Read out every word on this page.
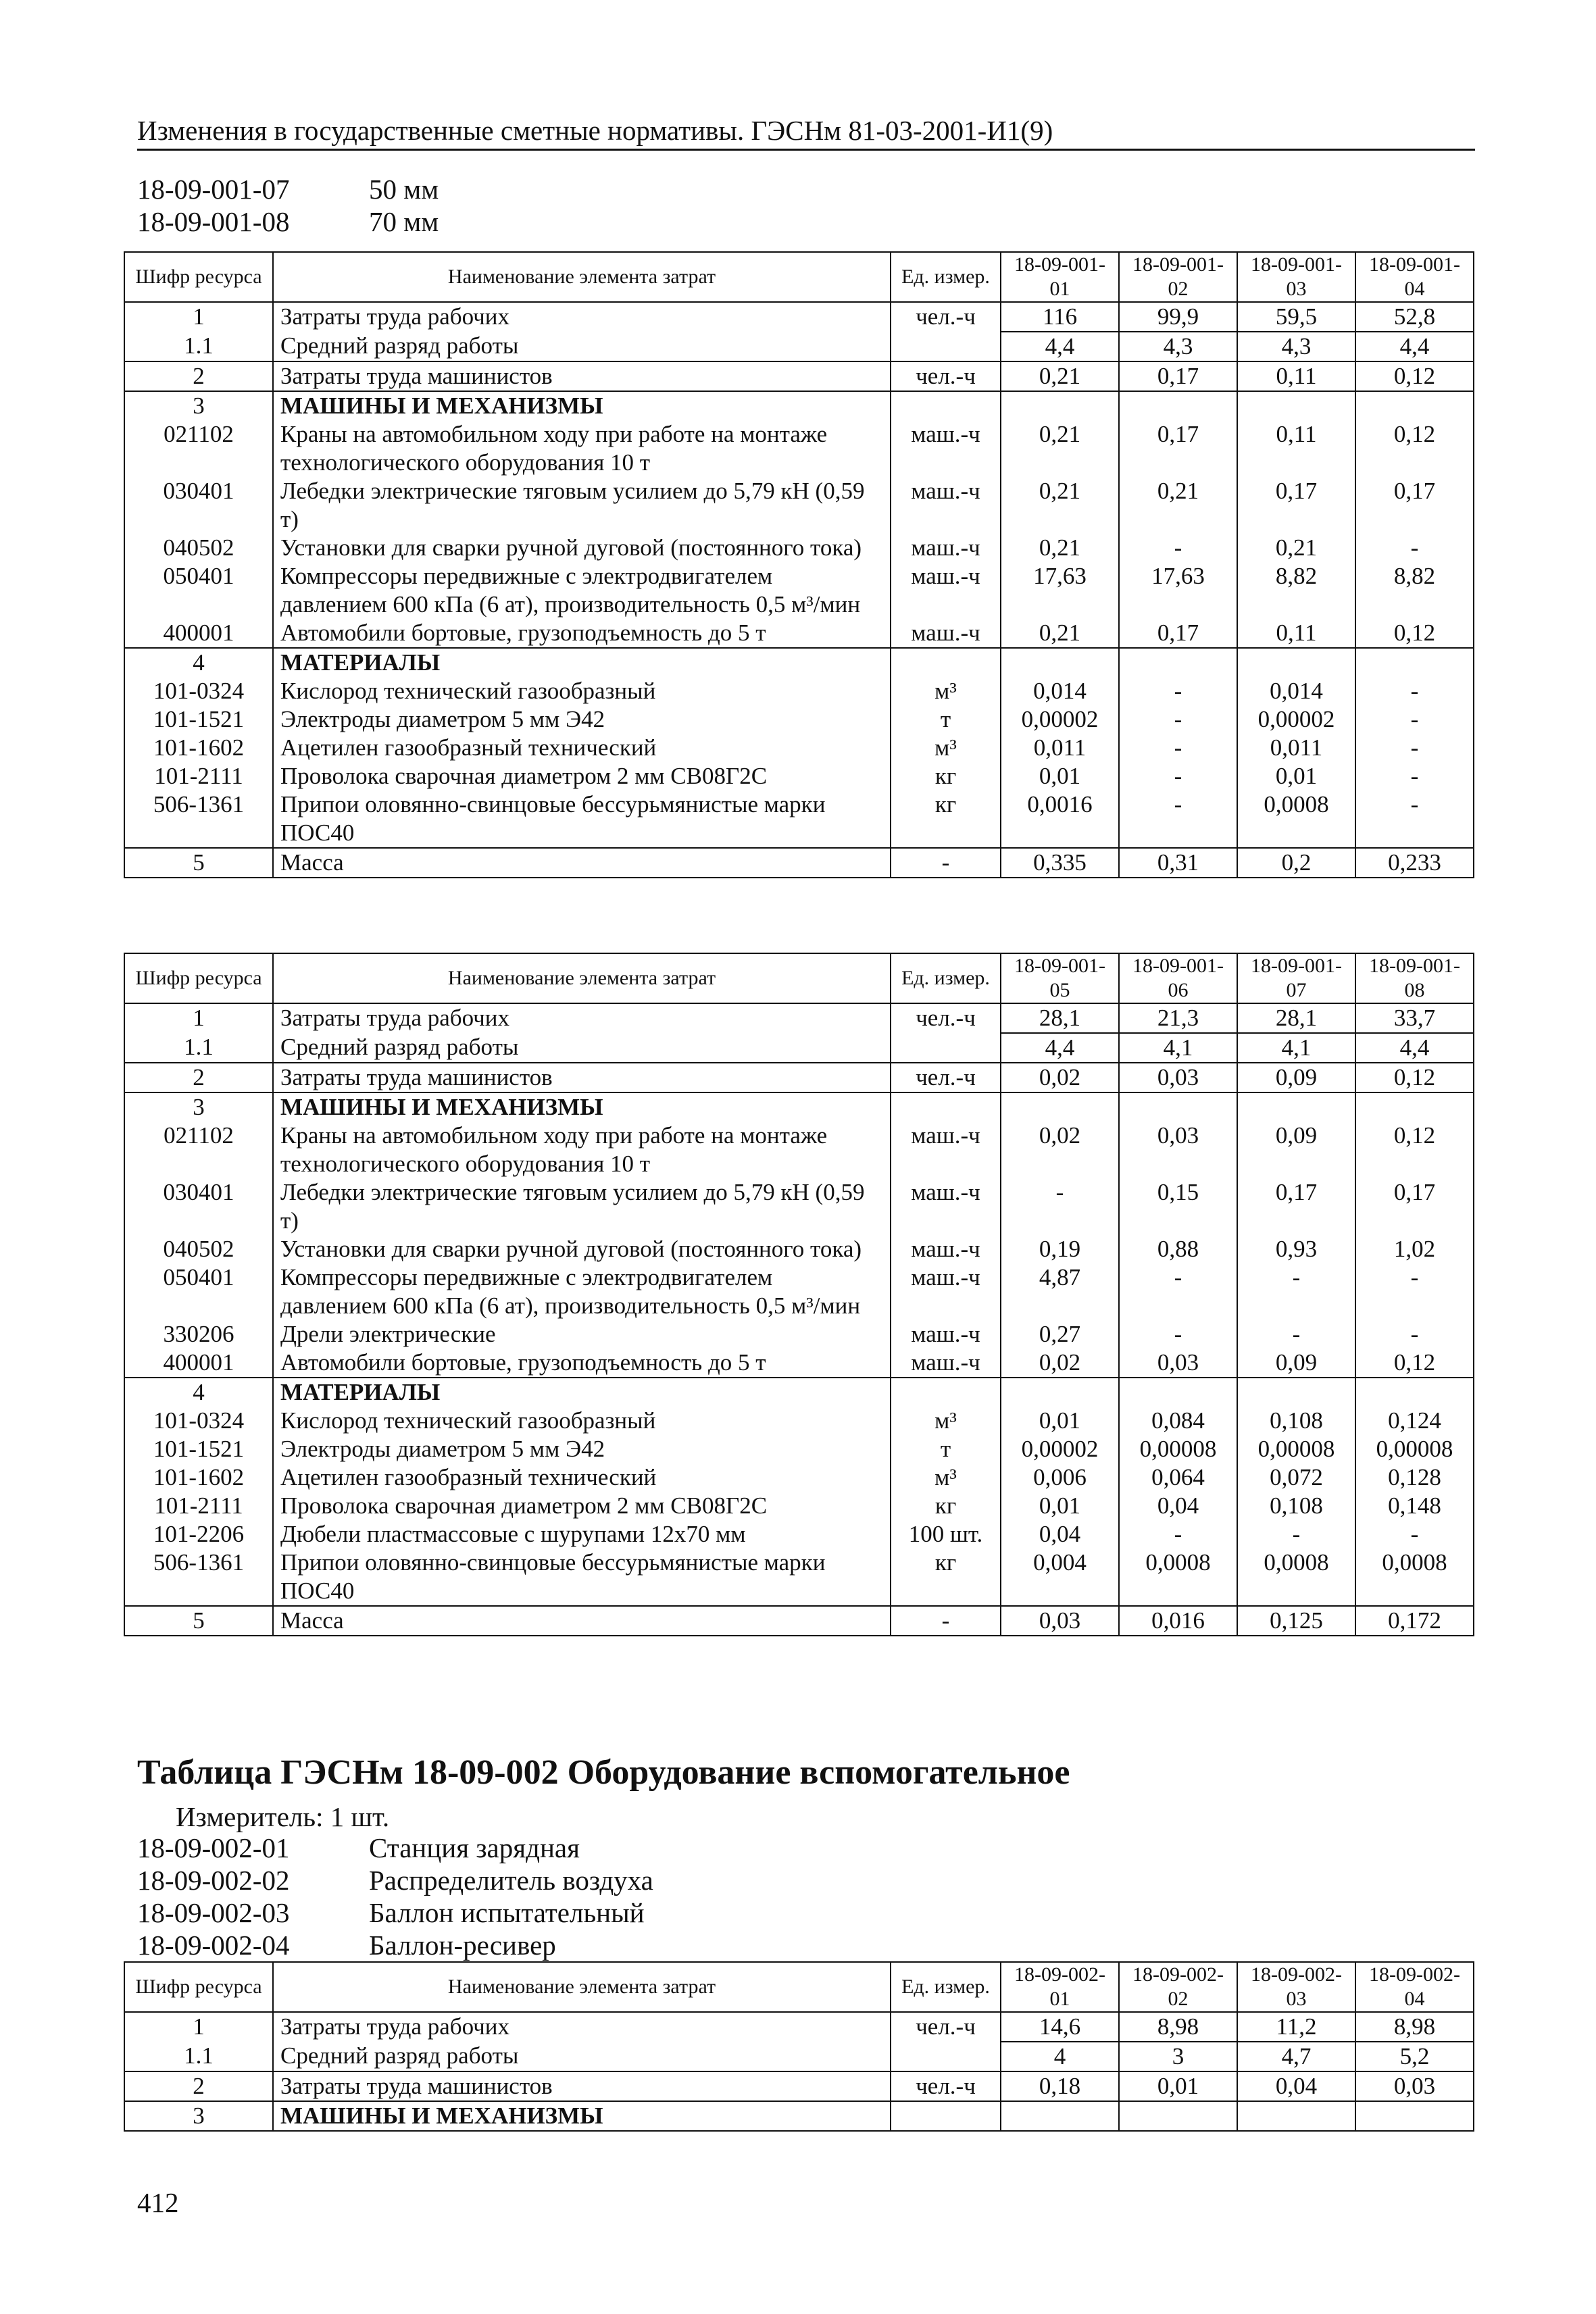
Изменения в государственные сметные нормативы. ГЭСНм 81-03-2001-И1(9)
18-09-001-07	50 мм
18-09-001-08	70 мм
Шифр ресурса	Наименование элемента затрат	Ед. измер.	18-09-001-01	18-09-001-02	18-09-001-03	18-09-001-04
1	Затраты труда рабочих	чел.-ч	116	99,9	59,5	52,8
1.1	Средний разряд работы		4,4	4,3	4,3	4,4
2	Затраты труда машинистов	чел.-ч	0,21	0,17	0,11	0,12
3	МАШИНЫ И МЕХАНИЗМЫ					
021102	Краны на автомобильном ходу при работе на монтаже технологического оборудования 10 т	маш.-ч	0,21	0,17	0,11	0,12
030401	Лебедки электрические тяговым усилием до 5,79 кН (0,59 т)	маш.-ч	0,21	0,21	0,17	0,17
040502	Установки для сварки ручной дуговой (постоянного тока)	маш.-ч	0,21	-	0,21	-
050401	Компрессоры передвижные с электродвигателем давлением 600 кПа (6 ат), производительность 0,5 м³/мин	маш.-ч	17,63	17,63	8,82	8,82
400001	Автомобили бортовые, грузоподъемность до 5 т	маш.-ч	0,21	0,17	0,11	0,12
4	МАТЕРИАЛЫ					
101-0324	Кислород технический газообразный	м³	0,014	-	0,014	-
101-1521	Электроды диаметром 5 мм Э42	т	0,00002	-	0,00002	-
101-1602	Ацетилен газообразный технический	м³	0,011	-	0,011	-
101-2111	Проволока сварочная диаметром 2 мм СВ08Г2С	кг	0,01	-	0,01	-
506-1361	Припои оловянно-свинцовые бессурьмянистые марки ПОС40	кг	0,0016	-	0,0008	-
5	Масса	-	0,335	0,31	0,2	0,233
Шифр ресурса	Наименование элемента затрат	Ед. измер.	18-09-001-05	18-09-001-06	18-09-001-07	18-09-001-08
1	Затраты труда рабочих	чел.-ч	28,1	21,3	28,1	33,7
1.1	Средний разряд работы		4,4	4,1	4,1	4,4
2	Затраты труда машинистов	чел.-ч	0,02	0,03	0,09	0,12
3	МАШИНЫ И МЕХАНИЗМЫ					
021102	Краны на автомобильном ходу при работе на монтаже технологического оборудования 10 т	маш.-ч	0,02	0,03	0,09	0,12
030401	Лебедки электрические тяговым усилием до 5,79 кН (0,59 т)	маш.-ч	-	0,15	0,17	0,17
040502	Установки для сварки ручной дуговой (постоянного тока)	маш.-ч	0,19	0,88	0,93	1,02
050401	Компрессоры передвижные с электродвигателем давлением 600 кПа (6 ат), производительность 0,5 м³/мин	маш.-ч	4,87	-	-	-
330206	Дрели электрические	маш.-ч	0,27	-	-	-
400001	Автомобили бортовые, грузоподъемность до 5 т	маш.-ч	0,02	0,03	0,09	0,12
4	МАТЕРИАЛЫ					
101-0324	Кислород технический газообразный	м³	0,01	0,084	0,108	0,124
101-1521	Электроды диаметром 5 мм Э42	т	0,00002	0,00008	0,00008	0,00008
101-1602	Ацетилен газообразный технический	м³	0,006	0,064	0,072	0,128
101-2111	Проволока сварочная диаметром 2 мм СВ08Г2С	кг	0,01	0,04	0,108	0,148
101-2206	Дюбели пластмассовые с шурупами 12х70 мм	100 шт.	0,04	-	-	-
506-1361	Припои оловянно-свинцовые бессурьмянистые марки ПОС40	кг	0,004	0,0008	0,0008	0,0008
5	Масса	-	0,03	0,016	0,125	0,172
Таблица ГЭСНм 18-09-002 Оборудование вспомогательное
Измеритель: 1 шт.
18-09-002-01	Станция зарядная
18-09-002-02	Распределитель воздуха
18-09-002-03	Баллон испытательный
18-09-002-04	Баллон-ресивер
Шифр ресурса	Наименование элемента затрат	Ед. измер.	18-09-002-01	18-09-002-02	18-09-002-03	18-09-002-04
1	Затраты труда рабочих	чел.-ч	14,6	8,98	11,2	8,98
1.1	Средний разряд работы		4	3	4,7	5,2
2	Затраты труда машинистов	чел.-ч	0,18	0,01	0,04	0,03
3	МАШИНЫ И МЕХАНИЗМЫ					
412
